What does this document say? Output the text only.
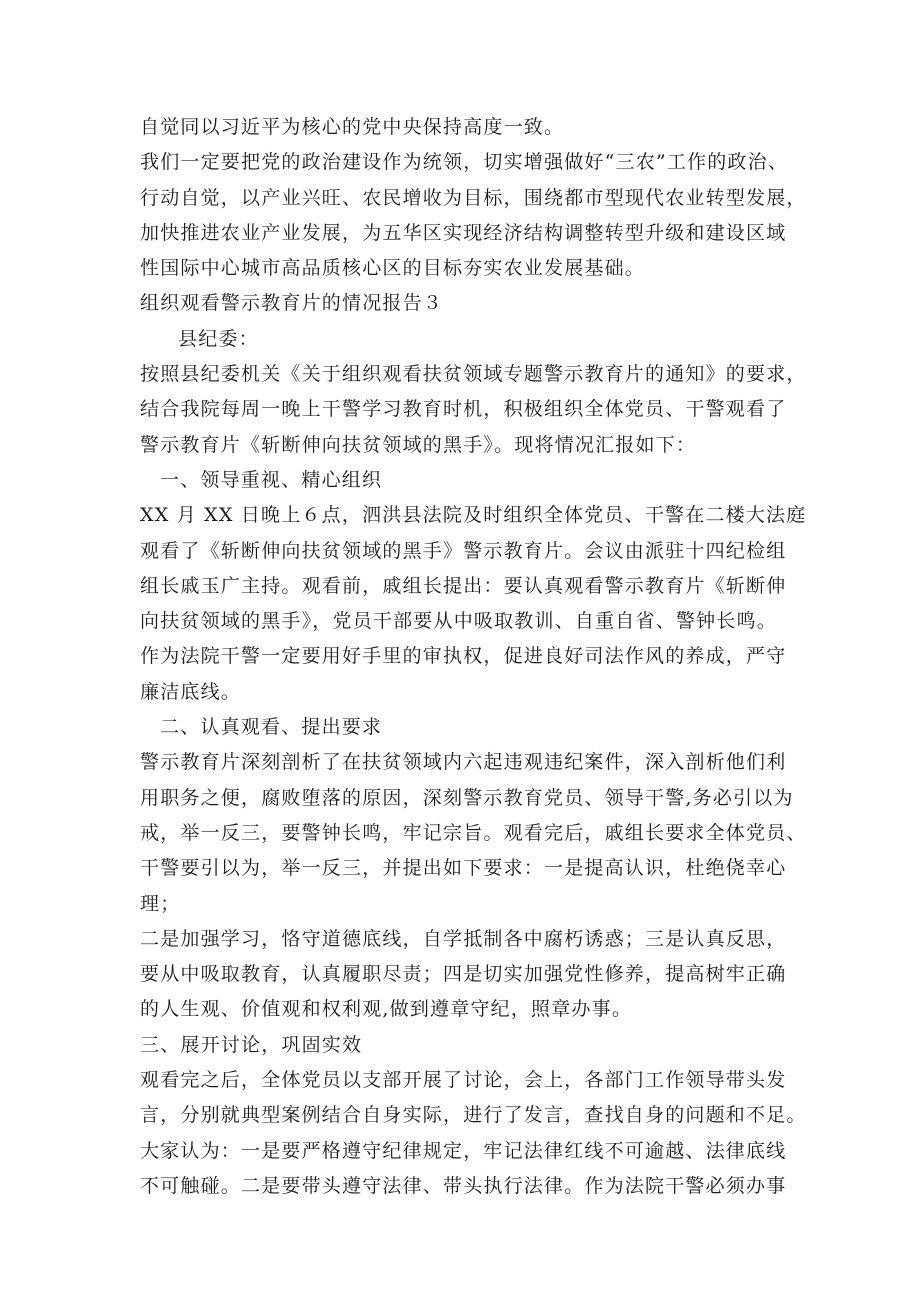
自觉同以习近平为核心的党中央保持高度一致。
我们一定要把党的政治建设作为统领，切实增强做好“三农”工作的政治、
行动自觉，以产业兴旺、农民增收为目标，围绕都市型现代农业转型发展，
加快推进农业产业发展，为五华区实现经济结构调整转型升级和建设区域
性国际中心城市高品质核心区的目标夯实农业发展基础。
组织观看警示教育片的情况报告３
县纪委：
按照县纪委机关《关于组织观看扶贫领域专题警示教育片的通知》的要求，
结合我院每周一晚上干警学习教育时机，积极组织全体党员、干警观看了
警示教育片《斩断伸向扶贫领域的黑手》。现将情况汇报如下：
一、领导重视、精心组织
XX 月 XX 日晚上６点，泗洪县法院及时组织全体党员、干警在二楼大法庭
观看了《斩断伸向扶贫领域的黑手》警示教育片。会议由派驻十四纪检组
组长戚玉广主持。观看前，戚组长提出：要认真观看警示教育片《斩断伸
向扶贫领域的黑手》，党员干部要从中吸取教训、自重自省、警钟长鸣。
作为法院干警一定要用好手里的审执权，促进良好司法作风的养成，严守
廉洁底线。
二、认真观看、提出要求
警示教育片深刻剖析了在扶贫领域内六起违观违纪案件，深入剖析他们利
用职务之便，腐败堕落的原因，深刻警示教育党员、领导干警,务必引以为
戒，举一反三，要警钟长鸣，牢记宗旨。观看完后，戚组长要求全体党员、
干警要引以为，举一反三，并提出如下要求：一是提高认识，杜绝侥幸心
理；
二是加强学习，恪守道德底线，自学抵制各中腐朽诱惑；三是认真反思，
要从中吸取教育，认真履职尽责；四是切实加强党性修养，提高树牢正确
的人生观、价值观和权利观,做到遵章守纪，照章办事。
三、展开讨论，巩固实效
观看完之后，全体党员以支部开展了讨论，会上，各部门工作领导带头发
言，分别就典型案例结合自身实际，进行了发言，查找自身的问题和不足。
大家认为：一是要严格遵守纪律规定，牢记法律红线不可逾越、法律底线
不可触碰。二是要带头遵守法律、带头执行法律。作为法院干警必须办事
